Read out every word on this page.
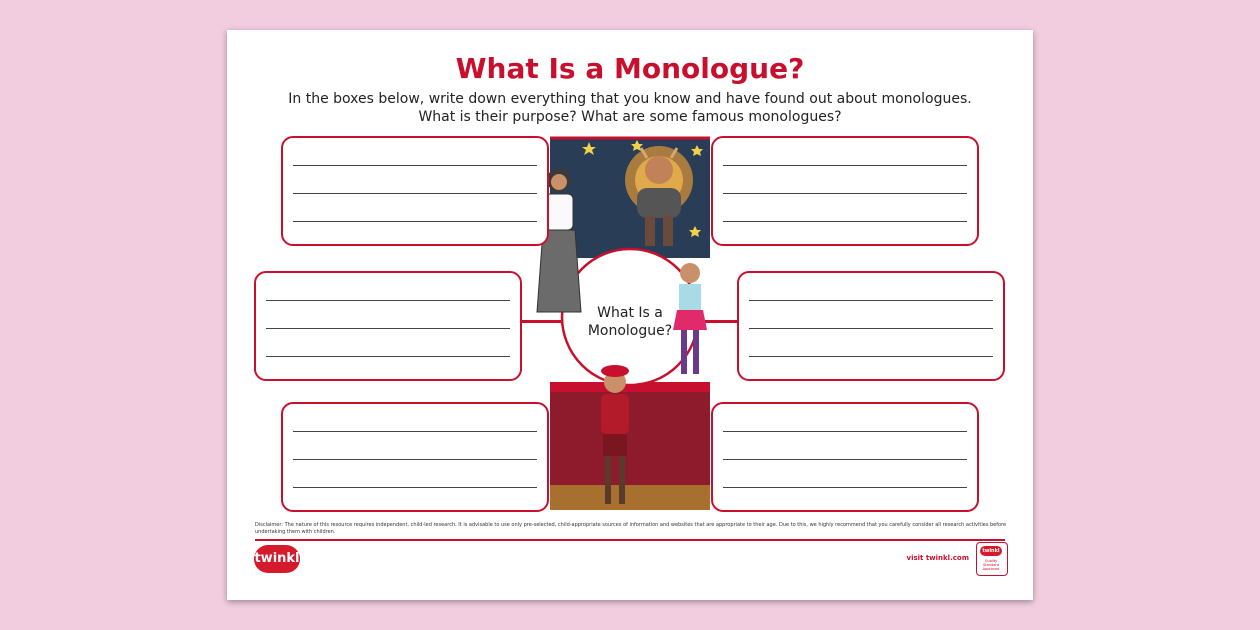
What Is a Monologue?
In the boxes below, write down everything that you know and have found out about monologues.
What is their purpose? What are some famous monologues?
What Is a
Monologue?
Disclaimer: The nature of this resource requires independent, child-led research. It is advisable to use only pre-selected, child-appropriate sources of information and websites that are appropriate to their age. Due to this, we highly recommend that you carefully consider all research activities before undertaking them with children.
twinkl	visit twinkl.com
twinkl
Quality Standard Approved
